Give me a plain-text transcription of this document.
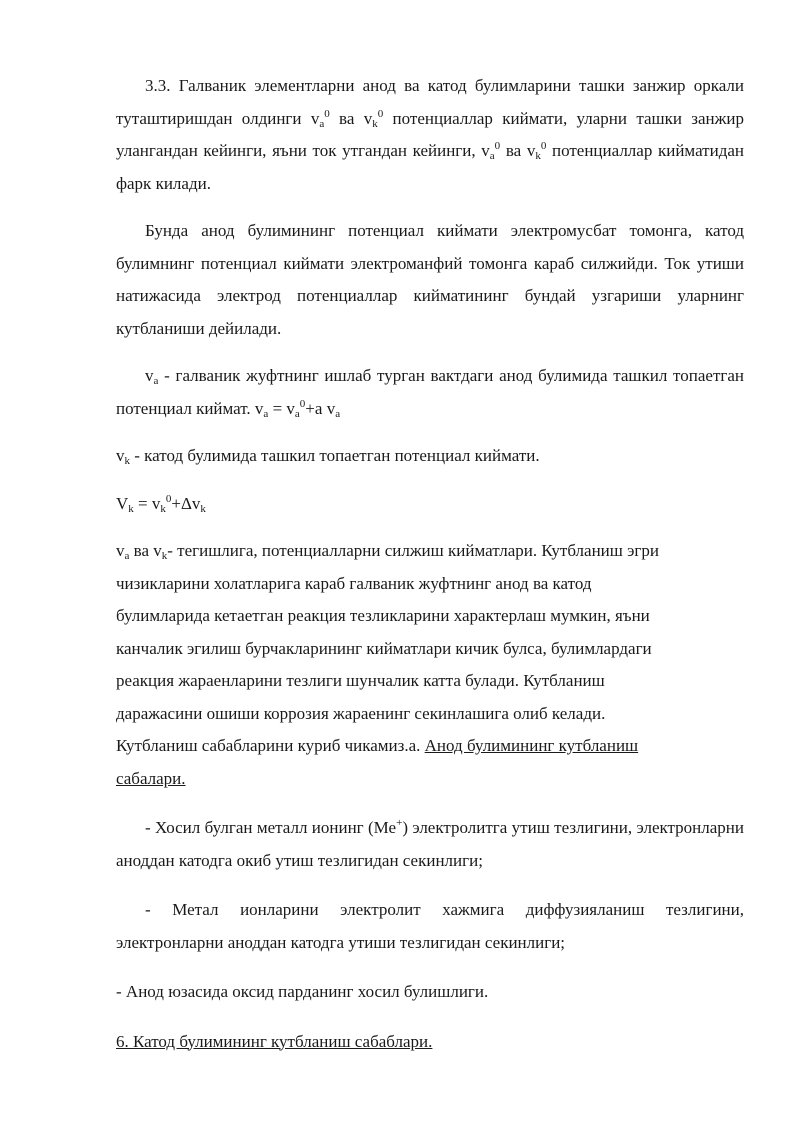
3.3. Галваник элементларни анод ва катод булимларини ташки занжир оркали туташтиришдан олдинги $v_a^0$ ва $v_k^0$ потенциаллар киймати, уларни ташки занжир улангандан кейинги, яъни ток утгандан кейинги, $v_a^0$ ва $v_k^0$ потенциаллар кийматидан фарк килади.

Бунда анод булимининг потенциал киймати электромусбат томонга, катод булимнинг потенциал киймати электроманфий томонга караб силжийди. Ток утиши натижасида электрод потенциаллар кийматининг бундай узгариши уларнинг кутбланиши дейилади.

$v_a$ - галваник жуфтнинг ишлаб турган вактдаги анод булимида ташкил топаетган потенциал киймат. $v_a = v_a^0+а$ $v_a$

$v_k$ - катод булимида ташкил топаетган потенциал киймати.

$V_k = v_k^0+\Delta v_k$

$v_a$ ва $v_k-$ тегишлига, потенциалларни силжиш кийматлари. Кутбланиш эгри
чизикларини холатларига караб галваник жуфтнинг анод ва катод
булимларида кетаетган реакция тезликларини характерлаш мумкин, яъни
канчалик эгилиш бурчакларининг кийматлари кичик булса, булимлардаги
реакция жараенларини тезлиги шунчалик катта булади. Кутбланиш
даражасини ошиши коррозия жараенинг секинлашига олиб келади.
Кутбланиш сабабларини куриб чикамиз.а. Анод булимининг кутбланиш
сабалари.

- Хосил булган металл ионинг (Ме+) электролитга утиш тезлигини, электронларни аноддан катодга окиб утиш тезлигидан секинлиги;

- Метал ионларини электролит хажмига диффузияланиш тезлигини, электронларни аноддан катодга утиши тезлигидан секинлиги;

- Анод юзасида оксид парданинг хосил булишлиги.

6. Катод булимининг кутбланиш сабаблари.
